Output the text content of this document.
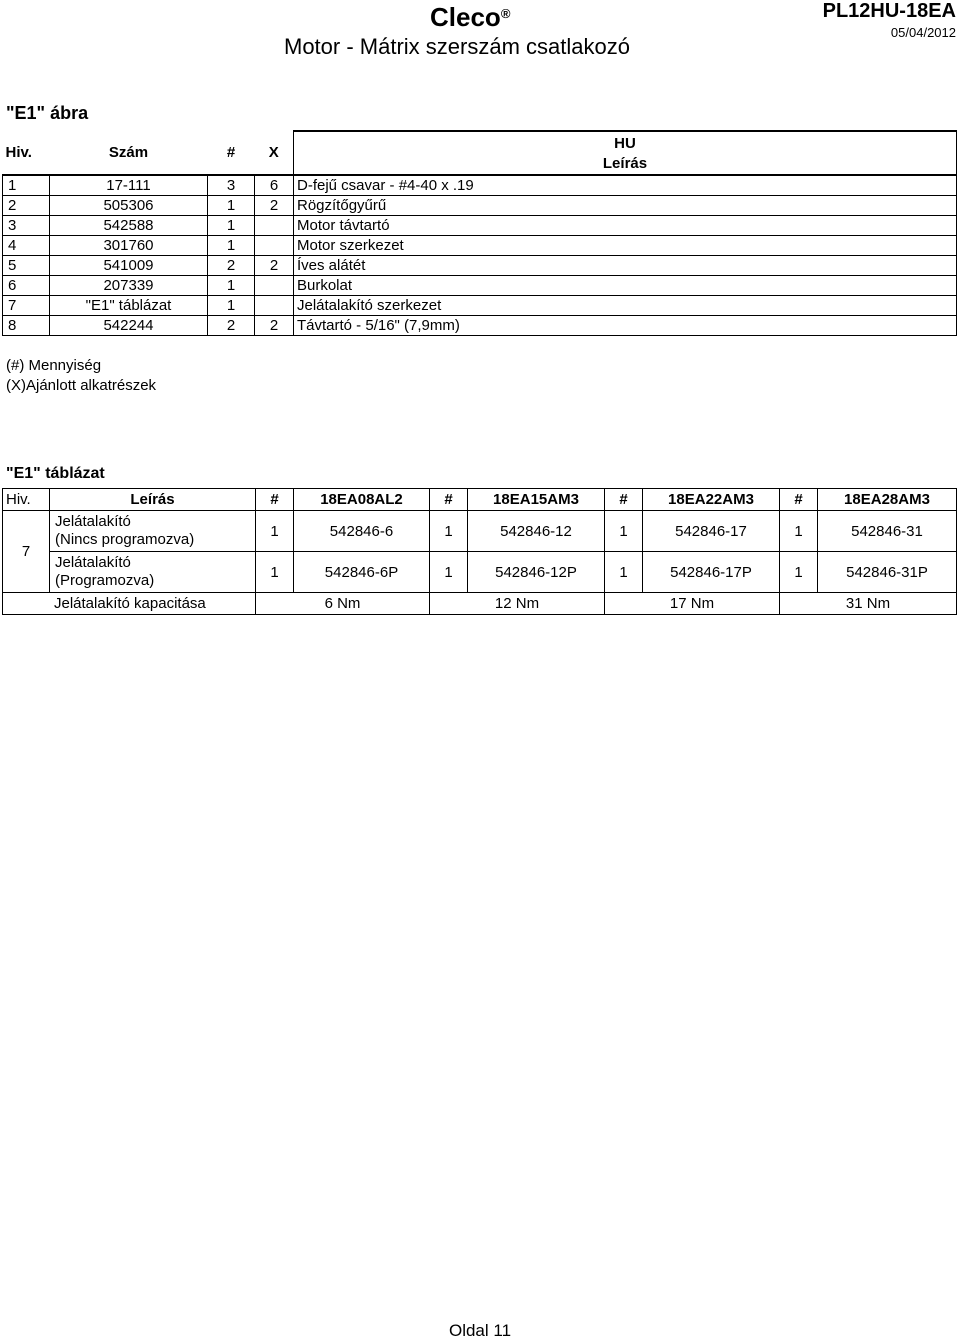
Cleco®
Motor - Mátrix szerszám csatlakozó
PL12HU-18EA
05/04/2012
"E1" ábra
Hiv.	Szám	#	X	HU

				Leírás

1	17-111	3	6	D-fejű csavar - #4-40 x .19
2	505306	1	2	Rögzítőgyűrű
3	542588	1		Motor távtartó
4	301760	1		Motor szerkezet
5	541009	2	2	Íves alátét
6	207339	1		Burkolat
7	"E1" táblázat	1		Jelátalakító szerkezet
8	542244	2	2	Távtartó - 5/16" (7,9mm)
(#) Mennyiség
(X)Ajánlott alkatrészek
"E1" táblázat
Hiv.	Leírás	#	18EA08AL2	#	18EA15AM3	#	18EA22AM3	#	18EA28AM3
7	Jelátalakító
(Nincs programozva)	1	542846-6	1	542846-12	1	542846-17	1	542846-31

	Jelátalakító
(Programozva)	1	542846-6P	1	542846-12P	1	542846-17P	1	542846-31P
Jelátalakító kapacitása		6 Nm		12 Nm		17 Nm		31 Nm	
Oldal 11
